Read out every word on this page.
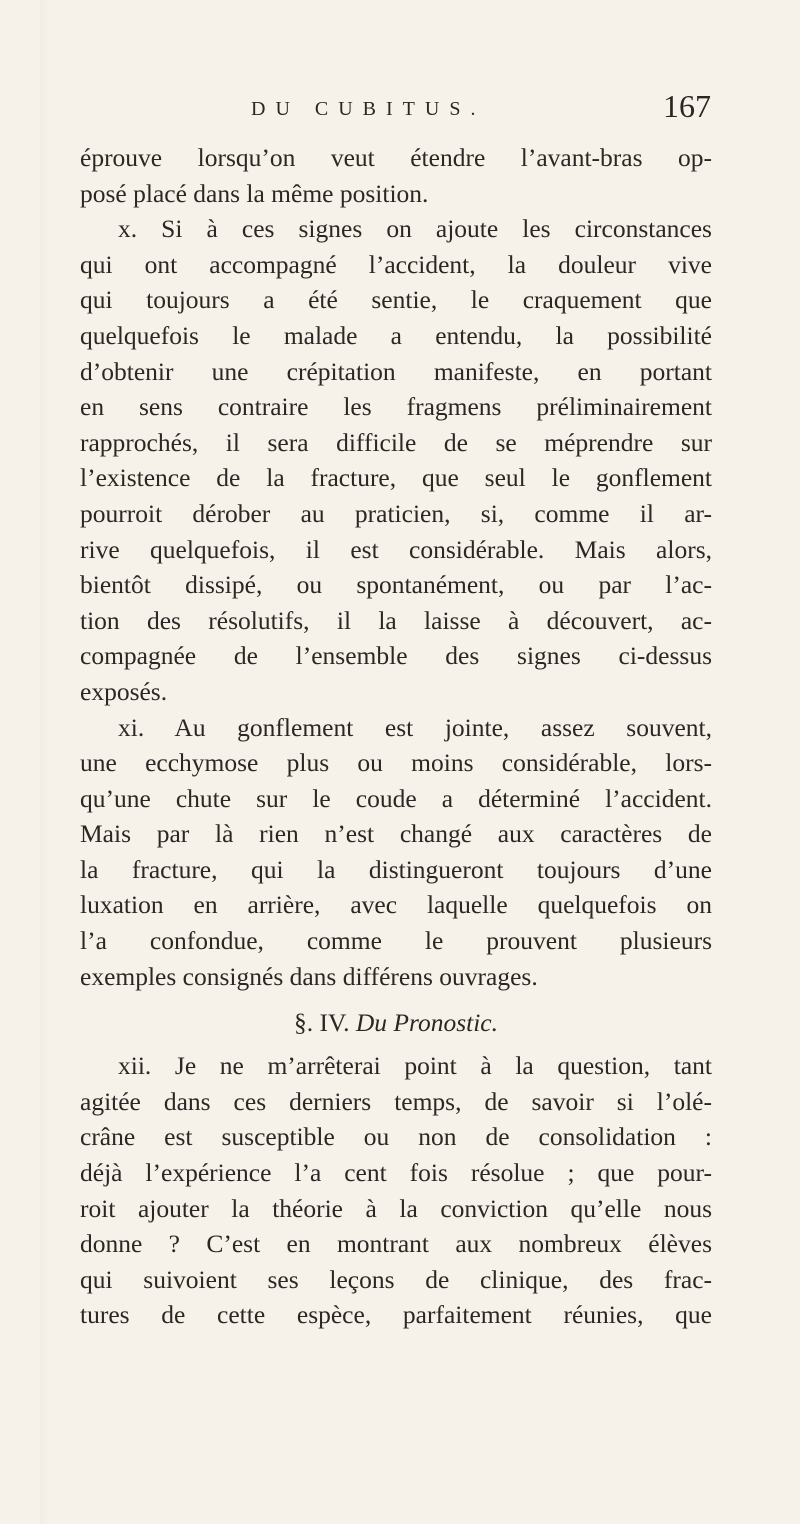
DU CUBITUS.	167
éprouve lorsqu’on veut étendre l’avant-bras op-
posé placé dans la même position.
x. Si à ces signes on ajoute les circonstances
qui ont accompagné l’accident, la douleur vive
qui toujours a été sentie, le craquement que
quelquefois le malade a entendu, la possibilité
d’obtenir une crépitation manifeste, en portant
en sens contraire les fragmens préliminairement
rapprochés, il sera difficile de se méprendre sur
l’existence de la fracture, que seul le gonflement
pourroit dérober au praticien, si, comme il ar-
rive quelquefois, il est considérable. Mais alors,
bientôt dissipé, ou spontanément, ou par l’ac-
tion des résolutifs, il la laisse à découvert, ac-
compagnée de l’ensemble des signes ci-dessus
exposés.
xi. Au gonflement est jointe, assez souvent,
une ecchymose plus ou moins considérable, lors-
qu’une chute sur le coude a déterminé l’accident.
Mais par là rien n’est changé aux caractères de
la fracture, qui la distingueront toujours d’une
luxation en arrière, avec laquelle quelquefois on
l’a confondue, comme le prouvent plusieurs
exemples consignés dans différens ouvrages.
§. IV. Du Pronostic.
xii. Je ne m’arrêterai point à la question, tant
agitée dans ces derniers temps, de savoir si l’olé-
crâne est susceptible ou non de consolidation :
déjà l’expérience l’a cent fois résolue ; que pour-
roit ajouter la théorie à la conviction qu’elle nous
donne ? C’est en montrant aux nombreux élèves
qui suivoient ses leçons de clinique, des frac-
tures de cette espèce, parfaitement réunies, que
